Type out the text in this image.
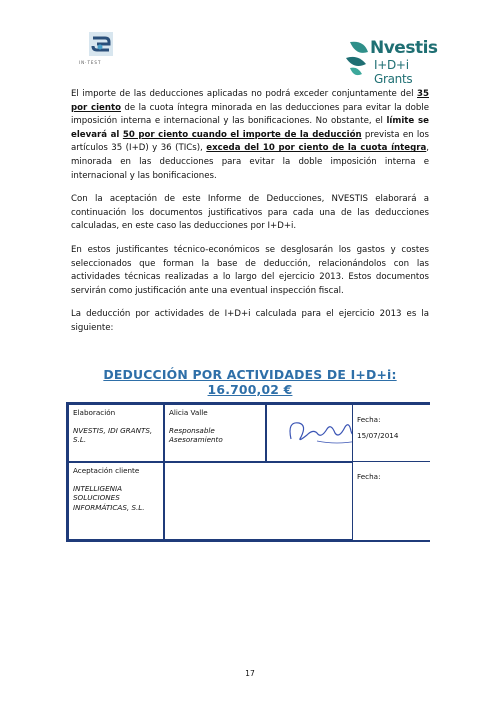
IN·TEST
Nvestis
I+D+i Grants

El importe de las deducciones aplicadas no podrá exceder conjuntamente del 35 por ciento de la cuota íntegra minorada en las deducciones para evitar la doble imposición interna e internacional y las bonificaciones. No obstante, el límite se elevará al 50 por ciento cuando el importe de la deducción prevista en los artículos 35 (I+D) y 36 (TICs), exceda del 10 por ciento de la cuota íntegra, minorada en las deducciones para evitar la doble imposición interna e internacional y las bonificaciones.

Con la aceptación de este Informe de Deducciones, NVESTIS elaborará a continuación los documentos justificativos para cada una de las deducciones calculadas, en este caso las deducciones por I+D+i.

En estos justificantes técnico-económicos se desglosarán los gastos y costes seleccionados que forman la base de deducción, relacionándolos con las actividades técnicas realizadas a lo largo del ejercicio 2013. Estos documentos servirán como justificación ante una eventual inspección fiscal.

La deducción por actividades de I+D+i calculada para el ejercicio 2013 es la siguiente:

DEDUCCIÓN POR ACTIVIDADES DE I+D+i: 16.700,02 €
Elaboración
NVESTIS, IDI GRANTS, S.L.
Alicia Valle
Responsable Asesoramiento
Aceptación cliente
INTELLIGENIA SOLUCIONES INFORMÁTICAS, S.L.
Fecha:
15/07/2014
Fecha:
17
